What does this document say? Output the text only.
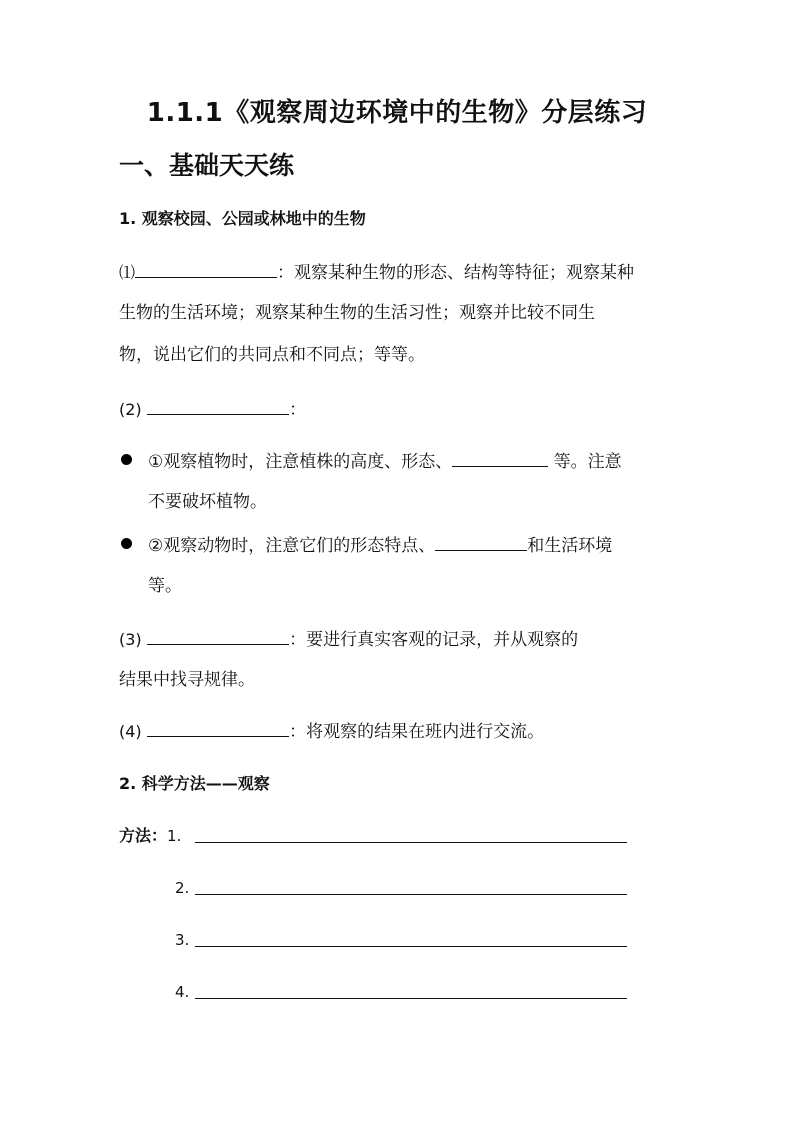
1.1.1《观察周边环境中的生物》分层练习
一、基础天天练
1. 观察校园、公园或林地中的生物
⑴	：观察某种生物的形态、结构等特征；观察某种
生物的生活环境；观察某种生物的生活习性；观察并比较不同生
物，说出它们的共同点和不同点；等等。
(2)	：
①观察植物时，注意植株的高度、形态、	等。注意
不要破坏植物。
②观察动物时，注意它们的形态特点、	和生活环境
等。
(3)	：要进行真实客观的记录，并从观察的
结果中找寻规律。
(4)	：将观察的结果在班内进行交流。
2. 科学方法——观察
方法：1.
2.
3.
4.
